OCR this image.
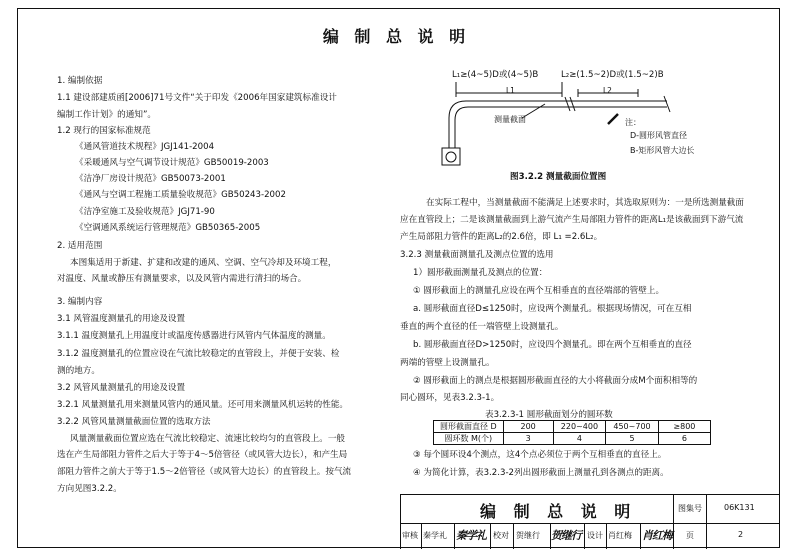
编 制 总 说 明
1. 编制依据
1.1 建设部建质函[2006]71号文件“关于印发《2006年国家建筑标准设计
编制工作计划》的通知”。
1.2 现行的国家标准规范
《通风管道技术规程》JGJ141-2004
《采暖通风与空气调节设计规范》GB50019-2003
《洁净厂房设计规范》GB50073-2001
《通风与空调工程施工质量验收规范》GB50243-2002
《洁净室施工及验收规范》JGJ71-90
《空调通风系统运行管理规范》GB50365-2005
2. 适用范围
本图集适用于新建、扩建和改建的通风、空调、空气冷却及环境工程，
对温度、风量或静压有测量要求，以及风管内需进行清扫的场合。
3. 编制内容
3.1 风管温度测量孔的用途及设置
3.1.1 温度测量孔上用温度计或温度传感器进行风管内气体温度的测量。
3.1.2 温度测量孔的位置应设在气流比较稳定的直管段上，并便于安装、检
测的地方。
3.2 风管风量测量孔的用途及设置
3.2.1 风量测量孔用来测量风管内的通风量。还可用来测量风机运转的性能。
3.2.2 风管风量测量截面位置的选取方法
风量测量截面位置应选在气流比较稳定、流速比较均匀的直管段上。一般
选在产生局部阻力管件之后大于等于4～5倍管径（或风管大边长），和产生局
部阻力管件之前大于等于1.5～2倍管径（或风管大边长）的直管段上。按气流
方向见图3.2.2。
L₁≥(4~5)D或(4~5)B	L₂≥(1.5~2)D或(1.5~2)B
L1	L2
测量截面	注：
D-圆形风管直径
B-矩形风管大边长
图3.2.2 测量截面位置图
在实际工程中，当测量截面不能满足上述要求时，其选取原则为：一是所选测量截面应在直管段上；二是该测量截面到上游气流产生局部阻力管件的距离L₁是该截面到下游气流产生局部阻力管件的距离L₂的2.6倍，即 L₁ =2.6L₂。
3.2.3 测量截面测量孔及测点位置的选用
1）圆形截面测量孔及测点的位置：
① 圆形截面上的测量孔应设在两个互相垂直的直径端部的管壁上。
a. 圆形截面直径D≤1250时，应设两个测量孔。根据现场情况，可在互相
垂直的两个直径的任一端管壁上设测量孔。
b. 圆形截面直径D>1250时，应设四个测量孔。即在两个互相垂直的直径
两端的管壁上设测量孔。
② 圆形截面上的测点是根据圆形截面直径的大小将截面分成M个面积相等的
同心圆环，见表3.2.3-1。
表3.2.3-1 圆形截面划分的圆环数
圆形截面直径 D	200	220~400	450~700	≥800
圆环数 M(个)	3	4	5	6
③ 每个圆环设4个测点，这4个点必须位于两个互相垂直的直径上。
④ 为简化计算，表3.2.3-2列出圆形截面上测量孔到各测点的距离。
编 制 总 说 明	图集号	06K131
审核 秦学礼 秦学礼 校对 贺继行 贺继行 设计 肖红梅 肖红梅 页	2
